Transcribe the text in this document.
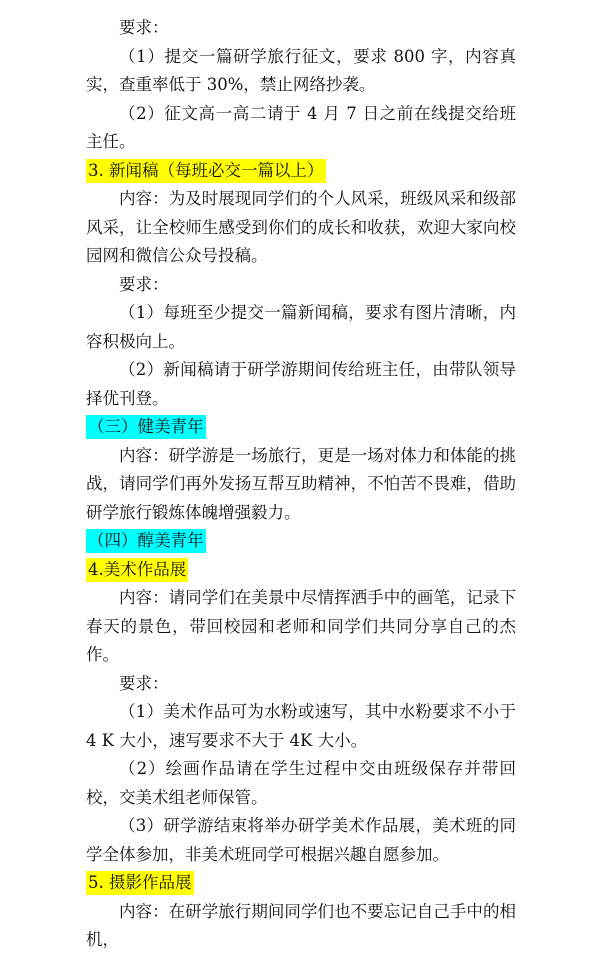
要求：

（1）提交一篇研学旅行征文，要求 800 字，内容真实，查重率低于 30%，禁止网络抄袭。

（2）征文高一高二请于 4 月 7 日之前在线提交给班主任。

3. 新闻稿（每班必交一篇以上）

内容：为及时展现同学们的个人风采，班级风采和级部风采，让全校师生感受到你们的成长和收获，欢迎大家向校园网和微信公众号投稿。

要求：

（1）每班至少提交一篇新闻稿，要求有图片清晰，内容积极向上。

（2）新闻稿请于研学游期间传给班主任，由带队领导择优刊登。

（三）健美青年

内容：研学游是一场旅行，更是一场对体力和体能的挑战，请同学们再外发扬互帮互助精神，不怕苦不畏难，借助研学旅行锻炼体魄增强毅力。

（四）醇美青年
4.美术作品展

内容：请同学们在美景中尽情挥洒手中的画笔，记录下春天的景色，带回校园和老师和同学们共同分享自己的杰作。

要求：

（1）美术作品可为水粉或速写，其中水粉要求不小于 4 K 大小，速写要求不大于 4K 大小。

（2）绘画作品请在学生过程中交由班级保存并带回校，交美术组老师保管。

（3）研学游结束将举办研学美术作品展，美术班的同学全体参加，非美术班同学可根据兴趣自愿参加。

5. 摄影作品展

内容：在研学旅行期间同学们也不要忘记自己手中的相机，
